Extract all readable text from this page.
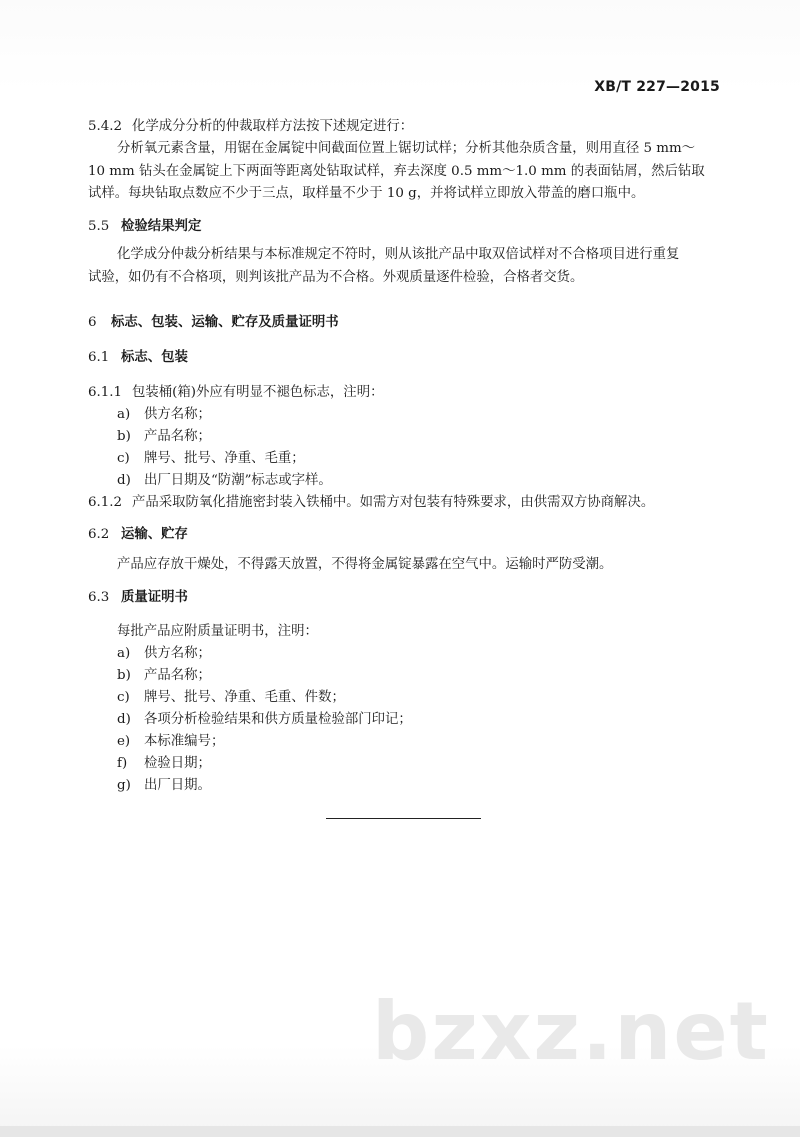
XB/T 227—2015
5.4.2 化学成分分析的仲裁取样方法按下述规定进行：
分析氧元素含量，用锯在金属锭中间截面位置上锯切试样；分析其他杂质含量，则用直径 5 mm～
10 mm 钻头在金属锭上下两面等距离处钻取试样，弃去深度 0.5 mm～1.0 mm 的表面钻屑，然后钻取
试样。每块钻取点数应不少于三点，取样量不少于 10 g，并将试样立即放入带盖的磨口瓶中。
5.5 检验结果判定
化学成分仲裁分析结果与本标准规定不符时，则从该批产品中取双倍试样对不合格项目进行重复
试验，如仍有不合格项，则判该批产品为不合格。外观质量逐件检验，合格者交货。
6 标志、包装、运输、贮存及质量证明书
6.1 标志、包装
6.1.1 包装桶(箱)外应有明显不褪色标志，注明：
a) 供方名称；
b) 产品名称；
c) 牌号、批号、净重、毛重；
d) 出厂日期及“防潮”标志或字样。
6.1.2 产品采取防氧化措施密封装入铁桶中。如需方对包装有特殊要求，由供需双方协商解决。
6.2 运输、贮存
产品应存放干燥处，不得露天放置，不得将金属锭暴露在空气中。运输时严防受潮。
6.3 质量证明书
每批产品应附质量证明书，注明：
a) 供方名称；
b) 产品名称；
c) 牌号、批号、净重、毛重、件数；
d) 各项分析检验结果和供方质量检验部门印记；
e) 本标准编号；
f) 检验日期；
g) 出厂日期。
bzxz.net
